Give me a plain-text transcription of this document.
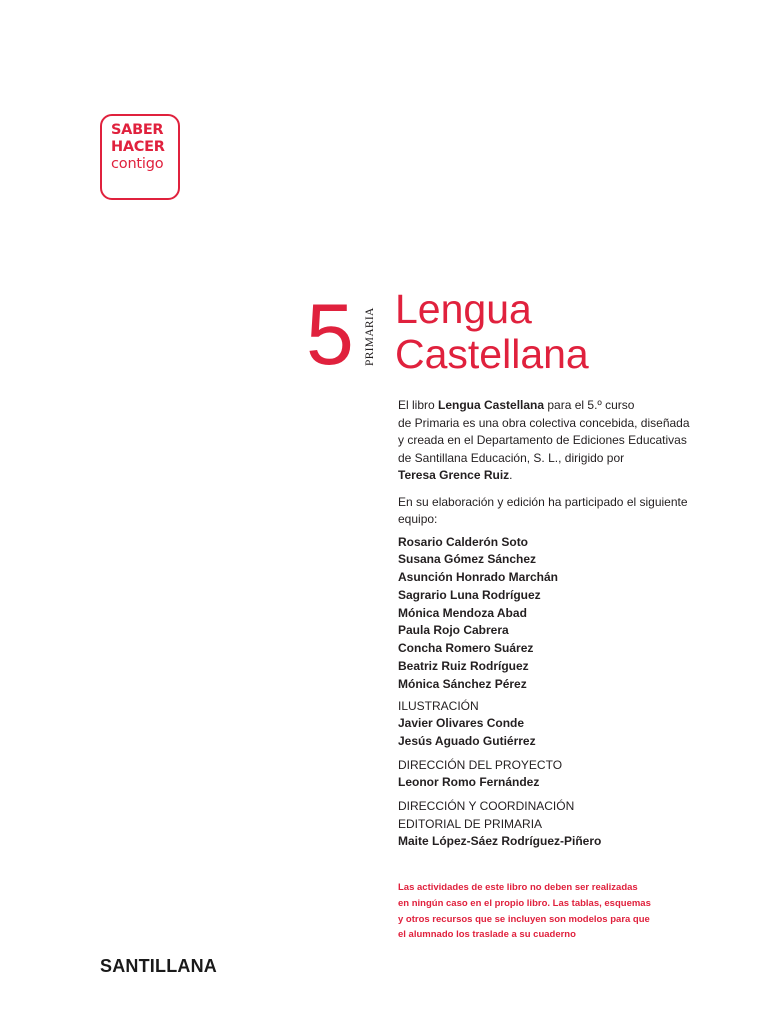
SABER
HACER
contigo
5 PRIMARIA Lengua
Castellana

El libro Lengua Castellana para el 5.º curso
de Primaria es una obra colectiva concebida, diseñada
y creada en el Departamento de Ediciones Educativas
de Santillana Educación, S. L., dirigido por
Teresa Grence Ruiz.

En su elaboración y edición ha participado el siguiente
equipo:

Rosario Calderón Soto
Susana Gómez Sánchez
Asunción Honrado Marchán
Sagrario Luna Rodríguez
Mónica Mendoza Abad
Paula Rojo Cabrera
Concha Romero Suárez
Beatriz Ruiz Rodríguez
Mónica Sánchez Pérez
ILUSTRACIÓN
Javier Olivares Conde
Jesús Aguado Gutiérrez
DIRECCIÓN DEL PROYECTO
Leonor Romo Fernández
DIRECCIÓN Y COORDINACIÓN
EDITORIAL DE PRIMARIA
Maite López-Sáez Rodríguez-Piñero
Las actividades de este libro no deben ser realizadas
en ningún caso en el propio libro. Las tablas, esquemas
y otros recursos que se incluyen son modelos para que
el alumnado los traslade a su cuaderno
SANTILLANA
